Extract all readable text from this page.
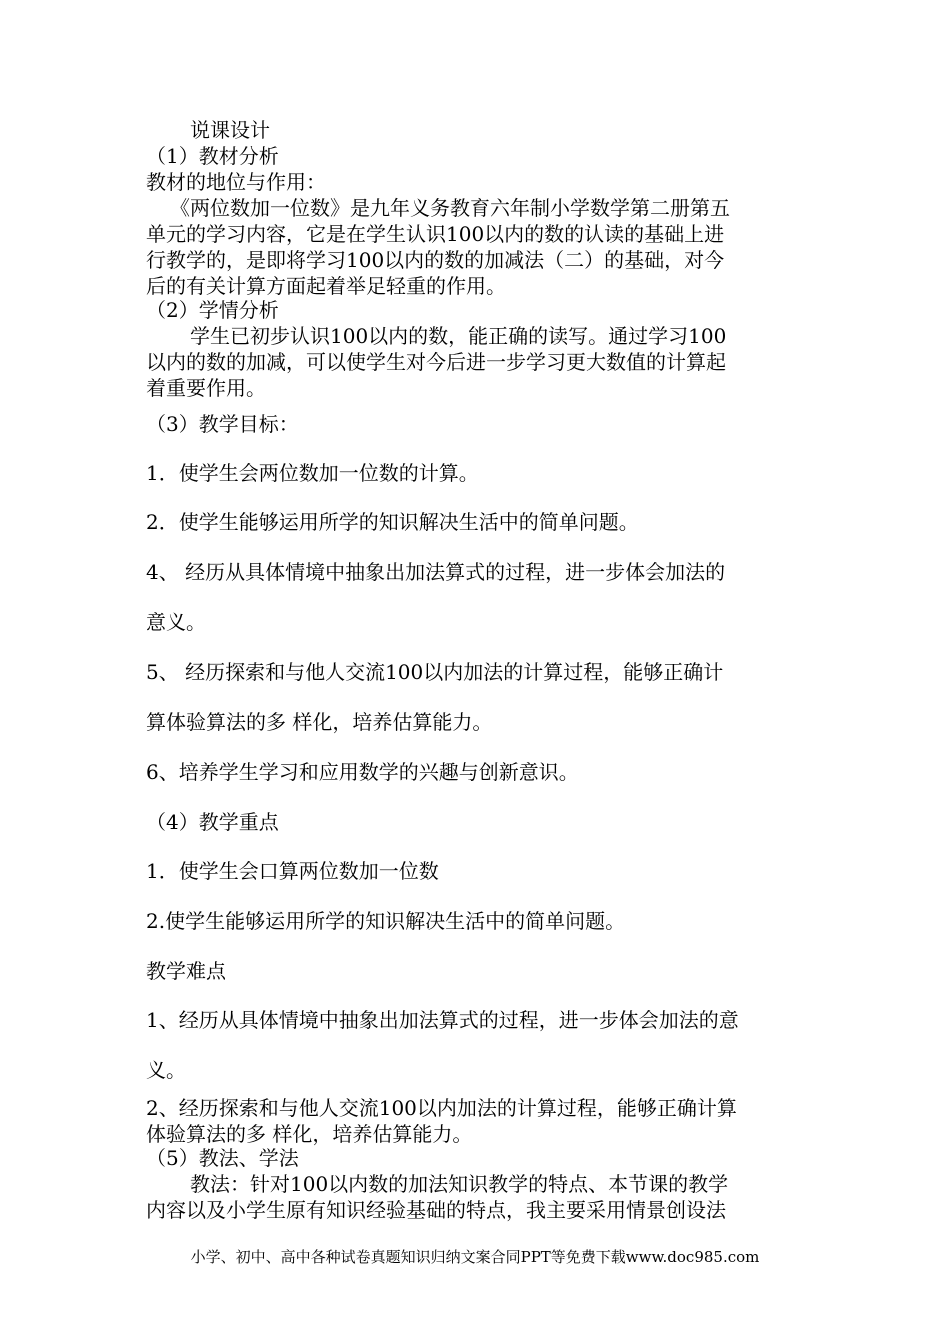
说课设计

（1）教材分析

教材的地位与作用：

《两位数加一位数》是九年义务教育六年制小学数学第二册第五

单元的学习内容，它是在学生认识100以内的数的认读的基础上进

行教学的，是即将学习100以内的数的加减法（二）的基础，对今

后的有关计算方面起着举足轻重的作用。

（2）学情分析

学生已初步认识100以内的数，能正确的读写。通过学习100

以内的数的加减，可以使学生对今后进一步学习更大数值的计算起

着重要作用。

（3）教学目标：

1．使学生会两位数加一位数的计算。

2．使学生能够运用所学的知识解决生活中的简单问题。

4、 经历从具体情境中抽象出加法算式的过程，进一步体会加法的

意义。

5、 经历探索和与他人交流100以内加法的计算过程，能够正确计

算体验算法的多 样化，培养估算能力。

6、培养学生学习和应用数学的兴趣与创新意识。

（4）教学重点

1．使学生会口算两位数加一位数

2.使学生能够运用所学的知识解决生活中的简单问题。

教学难点

1、经历从具体情境中抽象出加法算式的过程，进一步体会加法的意

义。

2、经历探索和与他人交流100以内加法的计算过程，能够正确计算

体验算法的多 样化，培养估算能力。

（5）教法、学法

教法：针对100以内数的加法知识教学的特点、本节课的教学

内容以及小学生原有知识经验基础的特点，我主要采用情景创设法

小学、初中、高中各种试卷真题知识归纳文案合同PPT等免费下载www.doc985.com
